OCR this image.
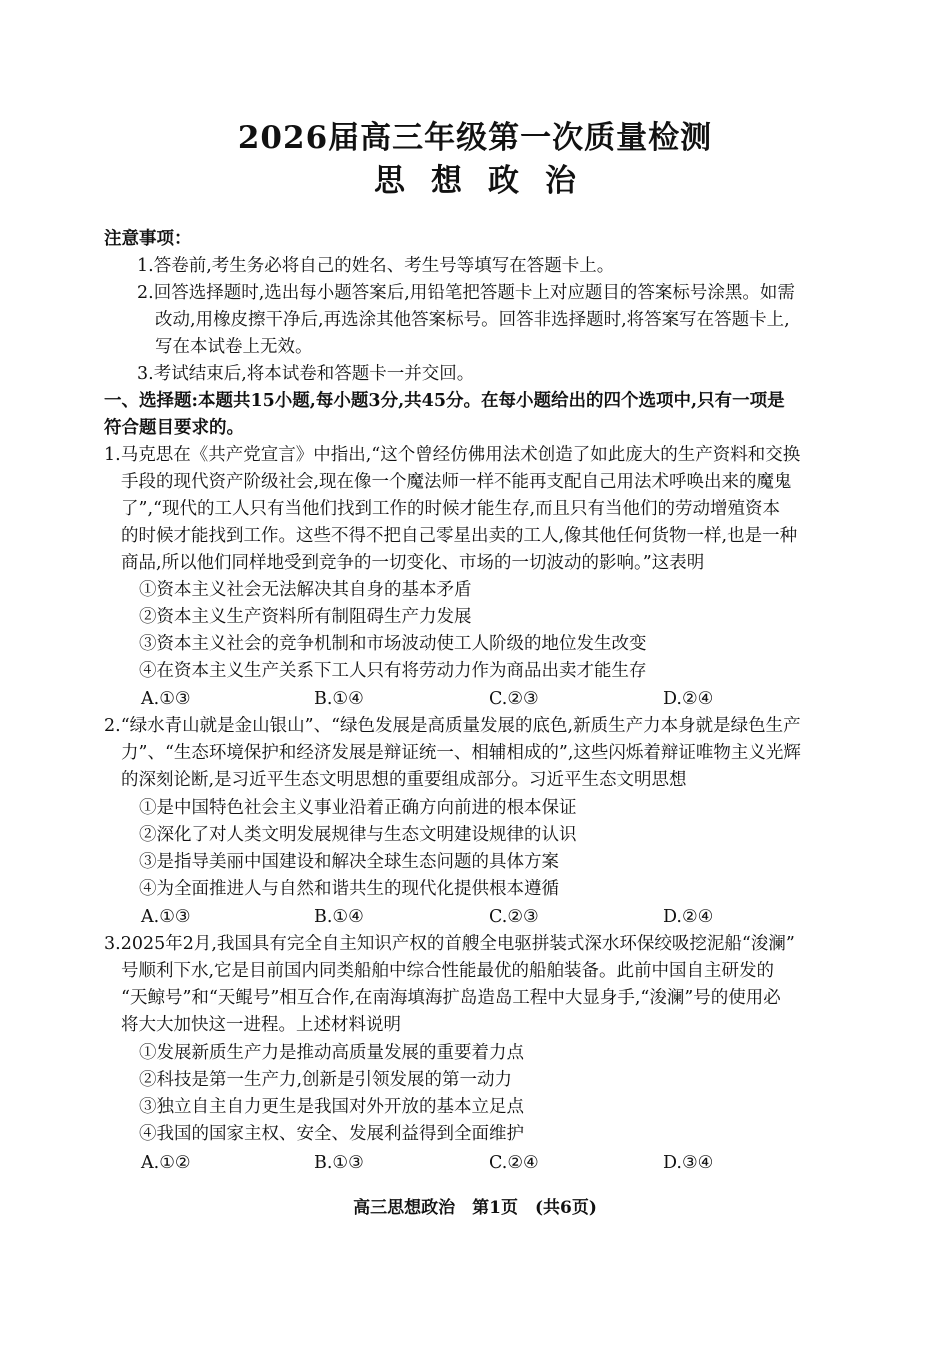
2026届高三年级第一次质量检测
思想政治
注意事项：
1.答卷前,考生务必将自己的姓名、考生号等填写在答题卡上。
2.回答选择题时,选出每小题答案后,用铅笔把答题卡上对应题目的答案标号涂黑。如需
改动,用橡皮擦干净后,再选涂其他答案标号。回答非选择题时,将答案写在答题卡上,
写在本试卷上无效。
3.考试结束后,将本试卷和答题卡一并交回。
一、选择题:本题共15小题,每小题3分,共45分。在每小题给出的四个选项中,只有一项是
符合题目要求的。
1.马克思在《共产党宣言》中指出,“这个曾经仿佛用法术创造了如此庞大的生产资料和交换
手段的现代资产阶级社会,现在像一个魔法师一样不能再支配自己用法术呼唤出来的魔鬼
了”,“现代的工人只有当他们找到工作的时候才能生存,而且只有当他们的劳动增殖资本
的时候才能找到工作。这些不得不把自己零星出卖的工人,像其他任何货物一样,也是一种
商品,所以他们同样地受到竞争的一切变化、市场的一切波动的影响。”这表明
①资本主义社会无法解决其自身的基本矛盾
②资本主义生产资料所有制阻碍生产力发展
③资本主义社会的竞争机制和市场波动使工人阶级的地位发生改变
④在资本主义生产关系下工人只有将劳动力作为商品出卖才能生存
A.①③	B.①④	C.②③	D.②④
2.“绿水青山就是金山银山”、“绿色发展是高质量发展的底色,新质生产力本身就是绿色生产
力”、“生态环境保护和经济发展是辩证统一、相辅相成的”,这些闪烁着辩证唯物主义光辉
的深刻论断,是习近平生态文明思想的重要组成部分。习近平生态文明思想
①是中国特色社会主义事业沿着正确方向前进的根本保证
②深化了对人类文明发展规律与生态文明建设规律的认识
③是指导美丽中国建设和解决全球生态问题的具体方案
④为全面推进人与自然和谐共生的现代化提供根本遵循
A.①③	B.①④	C.②③	D.②④
3.2025年2月,我国具有完全自主知识产权的首艘全电驱拼装式深水环保绞吸挖泥船“浚澜”
号顺利下水,它是目前国内同类船舶中综合性能最优的船舶装备。此前中国自主研发的
“天鲸号”和“天鲲号”相互合作,在南海填海扩岛造岛工程中大显身手,“浚澜”号的使用必
将大大加快这一进程。上述材料说明
①发展新质生产力是推动高质量发展的重要着力点
②科技是第一生产力,创新是引领发展的第一动力
③独立自主自力更生是我国对外开放的基本立足点
④我国的国家主权、安全、发展利益得到全面维护
A.①②	B.①③	C.②④	D.③④
高三思想政治　第1页　(共6页)
